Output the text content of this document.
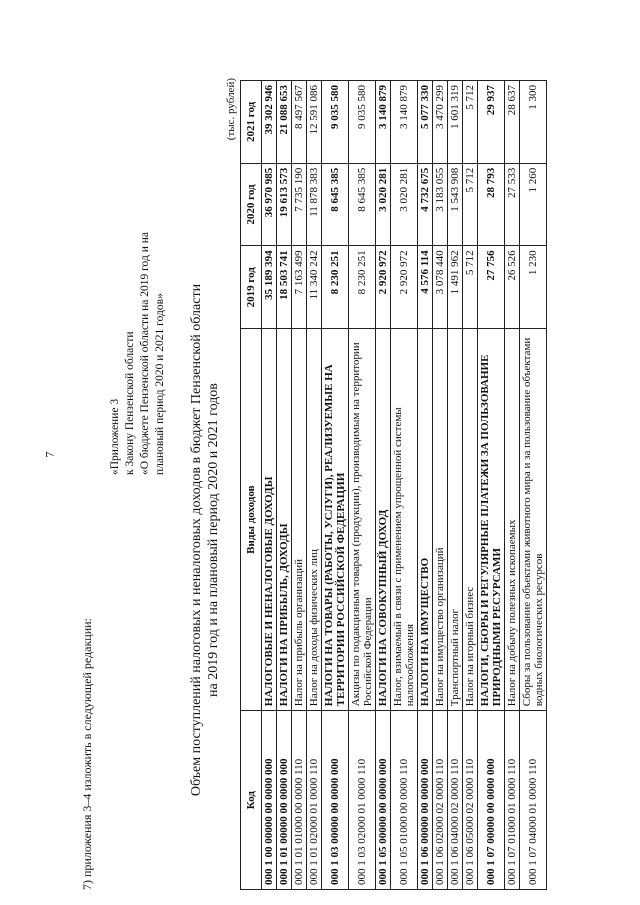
7
7) приложения 3–4 изложить в следующей редакции:
«Приложение 3 к Закону Пензенской области «О бюджете Пензенской области на 2019 год и на плановый период 2020 и 2021 годов» Объем поступлений налоговых и неналоговых доходов в бюджет Пензенской области на 2019 год и на плановый период 2020 и 2021 годов
(тыс. рублей)
Код	Виды доходов	2019 год	2020 год	2021 год
000 1 00 00000 00 0000 000	НАЛОГОВЫЕ И НЕНАЛОГОВЫЕ ДОХОДЫ	35 189 394	36 970 985	39 302 946
000 1 01 00000 00 0000 000	НАЛОГИ НА ПРИБЫЛЬ, ДОХОДЫ	18 503 741	19 613 573	21 088 653
000 1 01 01000 00 0000 110	Налог на прибыль организаций	7 163 499	7 735 190	8 497 567
000 1 01 02000 01 0000 110	Налог на доходы физических лиц	11 340 242	11 878 383	12 591 086
000 1 03 00000 00 0000 000	НАЛОГИ НА ТОВАРЫ (РАБОТЫ, УСЛУГИ), РЕАЛИЗУЕМЫЕ НА ТЕРРИТОРИИ РОССИЙСКОЙ ФЕДЕРАЦИИ	8 230 251	8 645 385	9 035 580
000 1 03 02000 01 0000 110	Акцизы по подакцизным товарам (продукции), производимым на территории Российской Федерации	8 230 251	8 645 385	9 035 580
000 1 05 00000 00 0000 000	НАЛОГИ НА СОВОКУПНЫЙ ДОХОД	2 920 972	3 020 281	3 140 879
000 1 05 01000 00 0000 110	Налог, взимаемый в связи с применением упрощенной системы налогообложения	2 920 972	3 020 281	3 140 879
000 1 06 00000 00 0000 000	НАЛОГИ НА ИМУЩЕСТВО	4 576 114	4 732 675	5 077 330
000 1 06 02000 02 0000 110	Налог на имущество организаций	3 078 440	3 183 055	3 470 299
000 1 06 04000 02 0000 110	Транспортный налог	1 491 962	1 543 908	1 601 319
000 1 06 05000 02 0000 110	Налог на игорный бизнес	5 712	5 712	5 712
000 1 07 00000 00 0000 000	НАЛОГИ, СБОРЫ И РЕГУЛЯРНЫЕ ПЛАТЕЖИ ЗА ПОЛЬЗОВАНИЕ ПРИРОДНЫМИ РЕСУРСАМИ	27 756	28 793	29 937
000 1 07 01000 01 0000 110	Налог на добычу полезных ископаемых	26 526	27 533	28 637
000 1 07 04000 01 0000 110	Сборы за пользование объектами животного мира и за пользование объектами водных биологических ресурсов	1 230	1 260	1 300
